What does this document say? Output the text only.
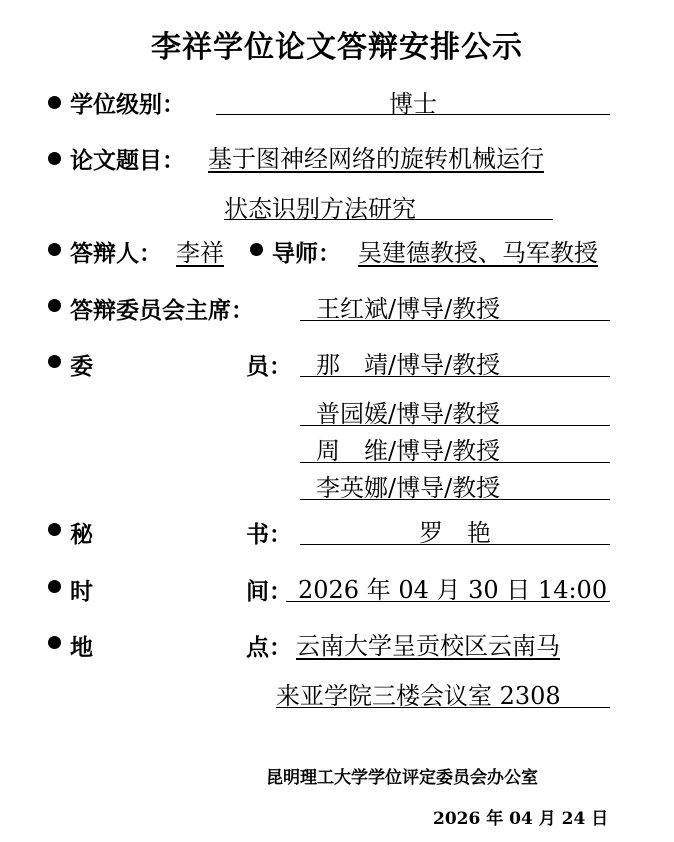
李祥学位论文答辩安排公示
学位级别：	博士
论文题目： 基于图神经网络的旋转机械运行
状态识别方法研究
答辩人： 李祥 导师： 吴建德教授、马军教授
答辩委员会主席：	王红斌/博导/教授
委	员： 那　靖/博导/教授
普园媛/博导/教授
周　维/博导/教授
李英娜/博导/教授
秘	书：	罗　艳
时	间： 2026 年 04 月 30 日 14:00
地	点： 云南大学呈贡校区云南马
来亚学院三楼会议室 2308
昆明理工大学学位评定委员会办公室
2026 年 04 月 24 日
